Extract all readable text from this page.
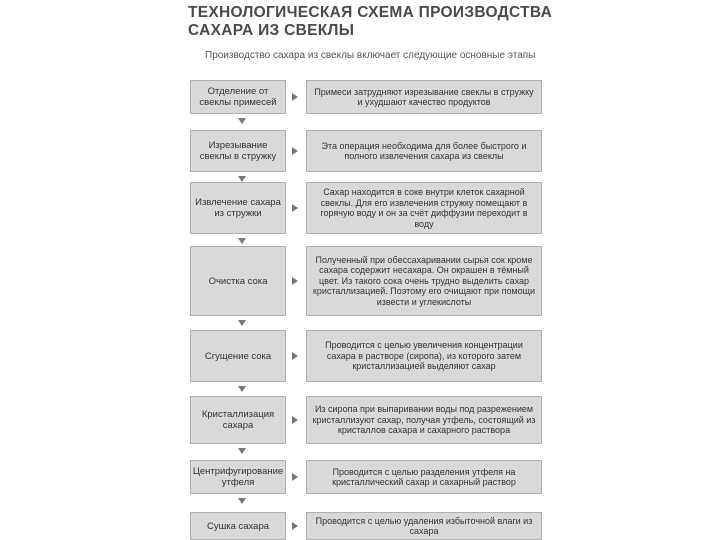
ТЕХНОЛОГИЧЕСКАЯ СХЕМА ПРОИЗВОДСТВА
САХАРА ИЗ СВЕКЛЫ
Производство сахара из свеклы включает следующие основные этапы
Отделение от свеклы примесей
Примеси затрудняют изрезывание свеклы в стружку и ухудшают качество продуктов
Изрезывание свеклы в стружку
Эта операция необходима для более быстрого и полного извлечения сахара из свеклы
Извлечение сахара из стружки
Сахар находится в соке внутри клеток сахарной свеклы. Для его извлечения стружку помещают в горячую воду и он за счёт диффузии переходит в воду
Очистка сока
Полученный при обессахаривании сырья сок кроме сахара содержит несахара. Он окрашен в тёмный цвет. Из такого сока очень трудно выделить сахар кристаллизацией. Поэтому его очищают при помощи извести и углекислоты
Сгущение сока
Проводится с целью увеличения концентрации сахара в растворе (сиропа), из которого затем кристаллизацией выделяют сахар
Кристаллизация сахара
Из сиропа при выпаривании воды под разрежением кристаллизуют сахар, получая утфель, состоящий из кристаллов сахара и сахарного раствора
Центрифугирование утфеля
Проводится с целью разделения утфеля на кристаллический сахар и сахарный раствор
Сушка сахара	Проводится с целью удаления избыточной влаги из сахара
